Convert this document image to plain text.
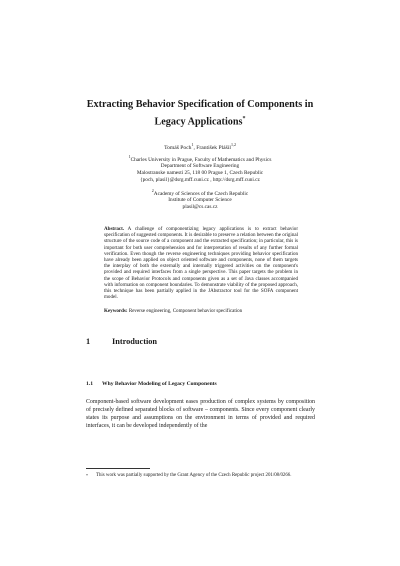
Extracting Behavior Specification of Components in
Legacy Applications*
Tomáš Poch$^1$, František Plášil$^{1,2}$
$^1$Charles University in Prague, Faculty of Mathematics and Physics
Department of Software Engineering
Malostranske namesti 25, 118 00 Prague 1, Czech Republic
{poch, plasil}@dsrg.mff.cuni.cz , http://dsrg.mff.cuni.cz
$^2$Academy of Sciences of the Czech Republic
Institute of Computer Science
plasil@cs.cas.cz
Abstract. A challenge of componentizing legacy applications is to extract behavior specification of suggested components. It is desirable to preserve a relation between the original structure of the source code of a component and the extracted specification; in particular, this is important for both user comprehension and for interpretation of results of any further formal verification. Even though the reverse engineering techniques providing behavior specification have already been applied on object oriented software and components, none of them targets the interplay of both the externally and internally triggered activities on the component's provided and required interfaces from a single perspective. This paper targets the problem in the scope of Behavior Protocols and components given as a set of Java classes accompanied with information on component boundaries. To demonstrate viability of the proposed approach, this technique has been partially applied in the JAbstractor tool for the SOFA component model.
Keywords: Reverse engineering, Component behavior specification
1	Introduction
1.1 Why Behavior Modeling of Legacy Components
Component-based software development eases production of complex systems by composition of precisely defined separated blocks of software – components. Since every component clearly states its purpose and assumptions on the environment in terms of provided and required interfaces, it can be developed independently of the
* This work was partially supported by the Grant Agency of the Czech Republic project 201/08/0266.
